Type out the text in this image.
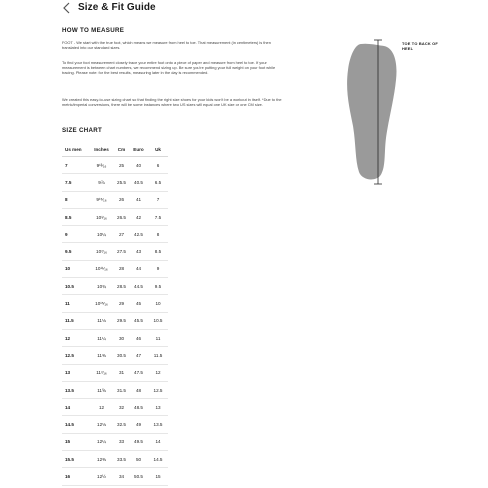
Size & Fit Guide
HOW TO MEASURE
FOOT - We start with the true foot, which means we measure from heel to toe. That measurement (in centimeters) is then translated into our standard sizes.
To find your foot measurement closely trace your entire foot onto a piece of paper and measure from heel to toe. If your measurement is between chart numbers, we recommend sizing up. Be sure you're putting your full weight on your foot while tracing. Please note: for the best results, measuring later in the day is recommended.
We created this easy-to-use sizing chart so that finding the right size shoes for your kids won't be a workout in itself. *Due to the metric/imperial conversions, there will be some instances where two US sizes will equal one UK size or one CM size.
SIZE CHART
Us men	Inches	Cm	Euro	Uk
7	9¹³⁄₁₆	25	40	6
7.5	9⅞	25.5	40.5	6.5
8	9¹⁵⁄₁₆	26	41	7
8.5	10¹⁄₁₆	26.5	42	7.5
9	10¼	27	42.5	8
9.5	10⁷⁄₁₆	27.5	43	8.5
10	10¹¹⁄₁₆	28	44	9
10.5	10¾	28.5	44.5	9.5
11	10¹⁵⁄₁₆	29	45	10
11.5	11⅛	29.5	45.5	10.5
12	11¼	30	46	11
12.5	11⅜	30.5	47	11.5
13	11⁷⁄₁₆	31	47.5	12
13.5	11⅝	31.5	48	12.5
14	12	32	48.5	13
14.5	12⅛	32.5	49	13.5
15	12¼	33	49.5	14
15.5	12⅜	33.5	50	14.5
16	12½	34	50.5	15
TOE TO BACK OF HEEL
